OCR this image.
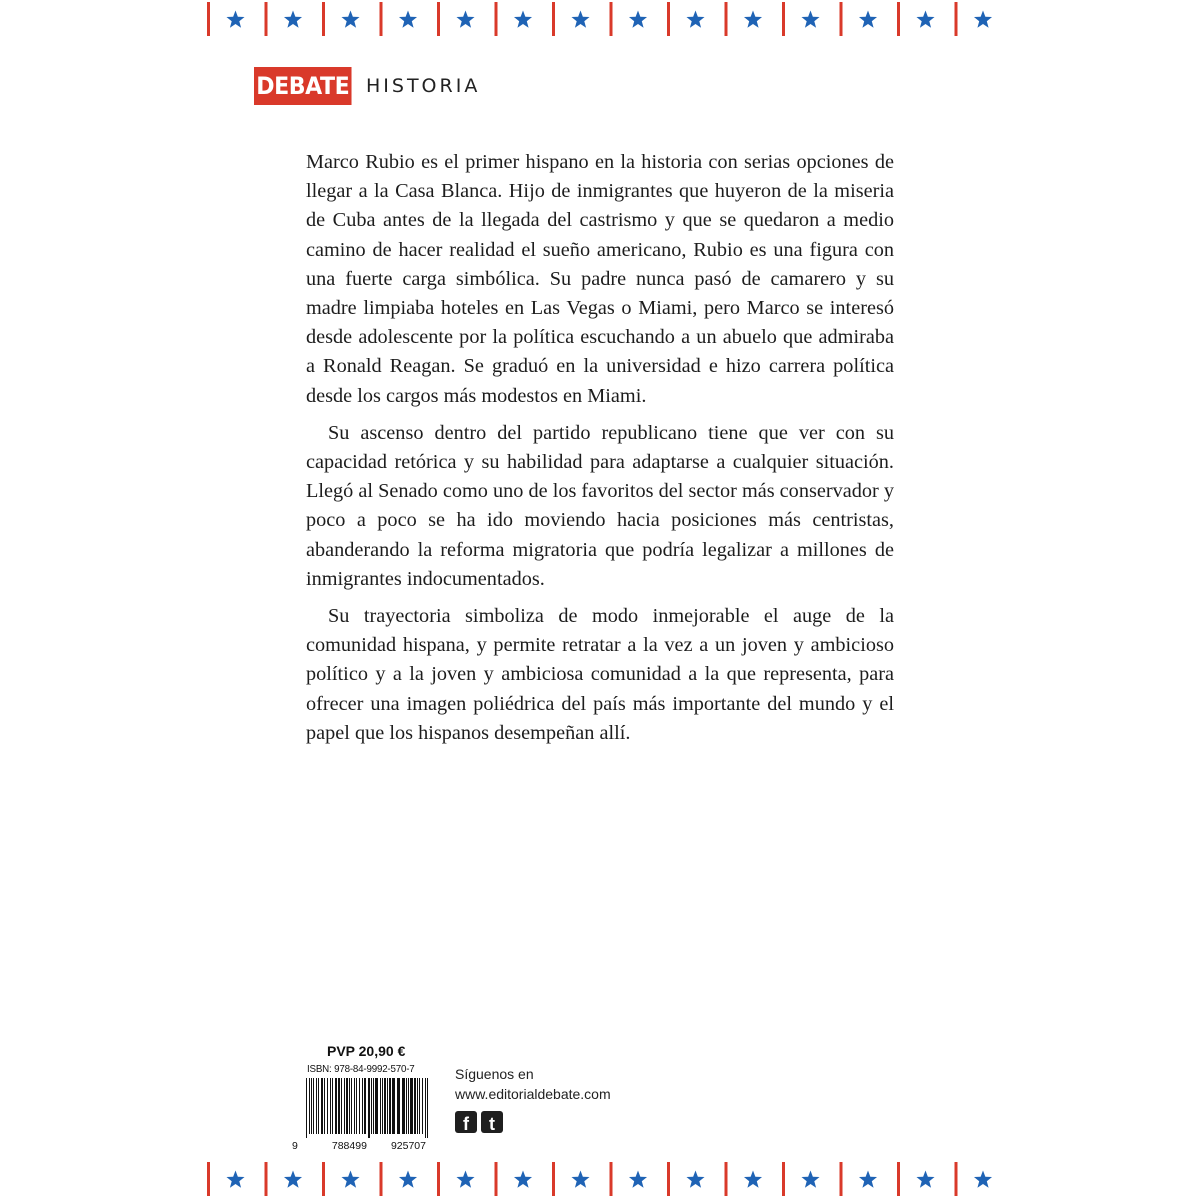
DEBATE HISTORIA

Marco Rubio es el primer hispano en la historia con serias opciones de llegar a la Casa Blanca. Hijo de inmigrantes que huyeron de la miseria de Cuba antes de la llegada del castrismo y que se quedaron a medio camino de hacer realidad el sueño americano, Rubio es una figura con una fuerte carga simbólica. Su padre nunca pasó de camarero y su madre limpiaba hoteles en Las Vegas o Miami, pero Marco se interesó desde adolescente por la política escuchando a un abuelo que admiraba a Ronald Reagan. Se graduó en la universidad e hizo carrera política desde los cargos más modestos en Miami.

Su ascenso dentro del partido republicano tiene que ver con su capacidad retórica y su habilidad para adaptarse a cualquier situación. Llegó al Senado como uno de los favoritos del sector más conservador y poco a poco se ha ido moviendo hacia posiciones más centristas, abanderando la reforma migratoria que podría legalizar a millones de inmigrantes indocumentados.

Su trayectoria simboliza de modo inmejorable el auge de la comunidad hispana, y permite retratar a la vez a un joven y ambicioso político y a la joven y ambiciosa comunidad a la que representa, para ofrecer una imagen poliédrica del país más importante del mundo y el papel que los hispanos desempeñan allí.

PVP 20,90 €
ISBN: 978-84-9992-570-7
9	788499 925707
Síguenos en
www.editorialdebate.com
f	t
